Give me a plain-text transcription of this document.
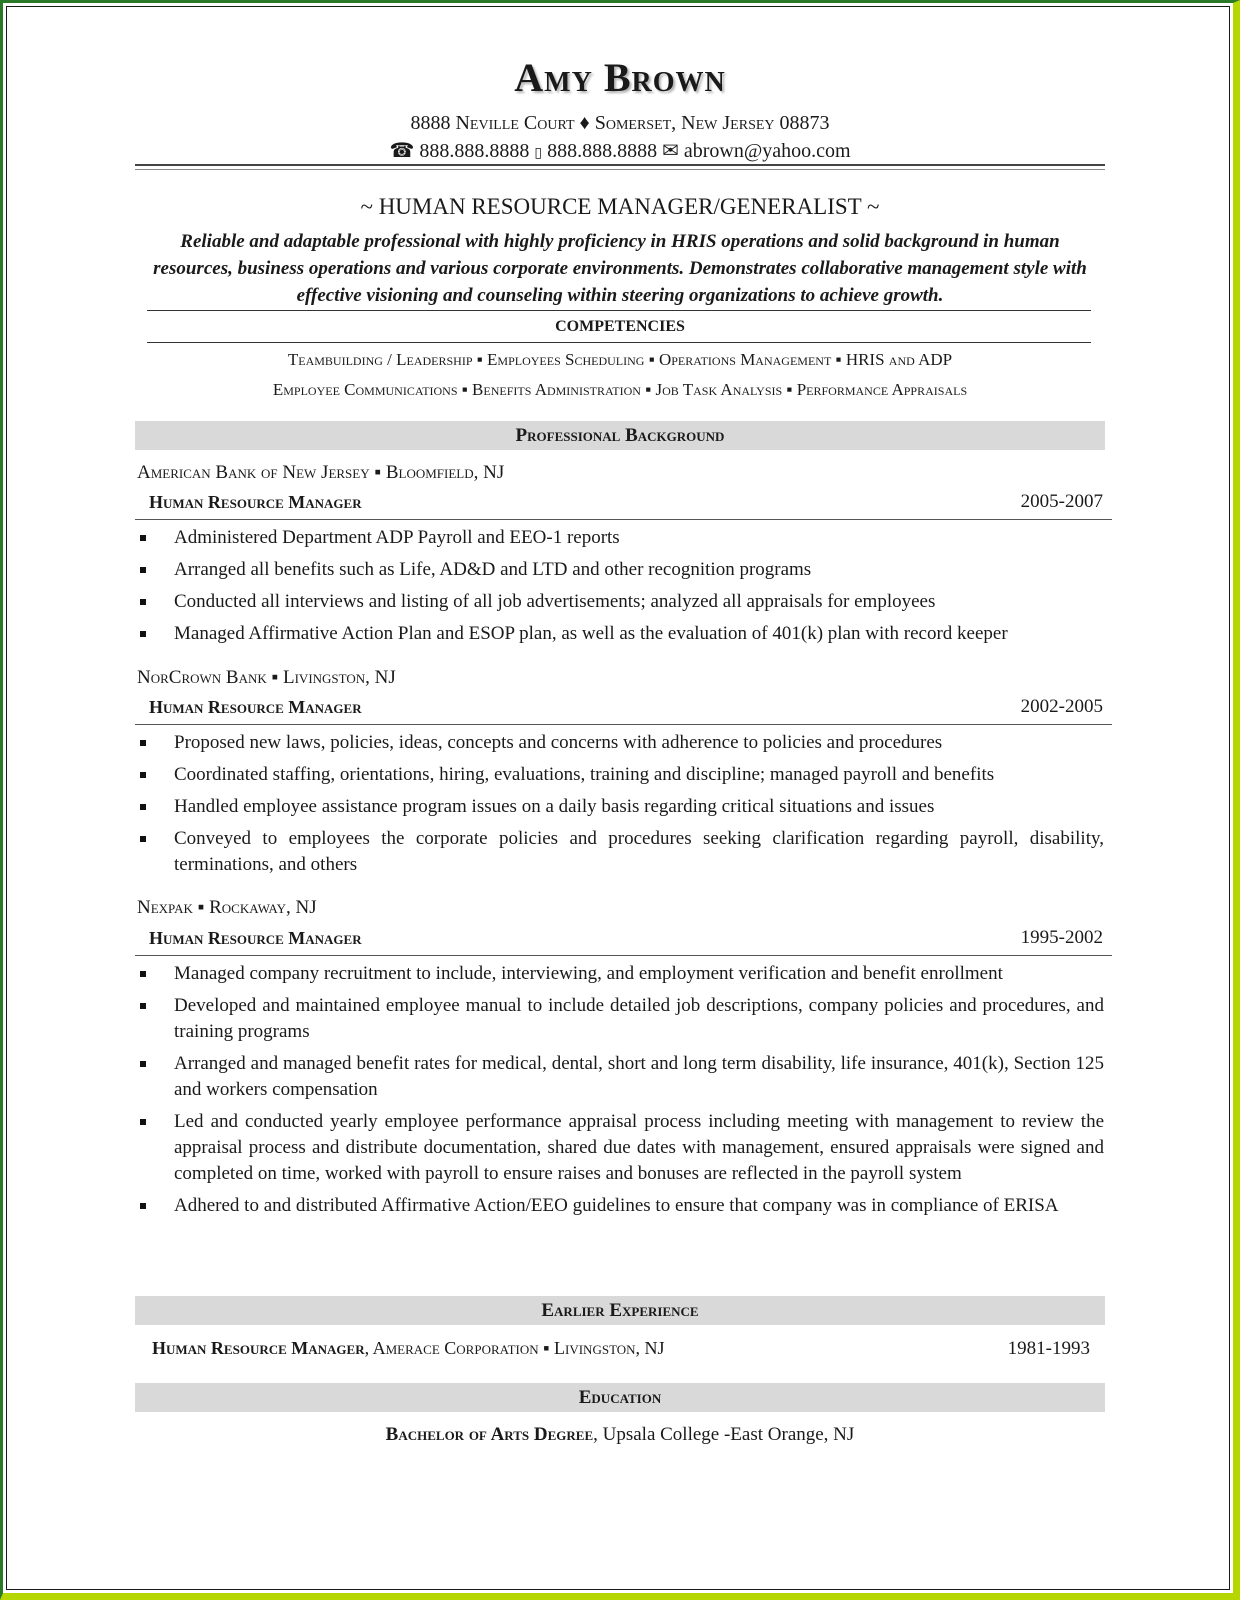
Amy Brown
8888 Neville Court ♦ Somerset, New Jersey 08873
☎ 888.888.8888 ▯ 888.888.8888 ✉ abrown@yahoo.com
~ HUMAN RESOURCE MANAGER/GENERALIST ~
Reliable and adaptable professional with highly proficiency in HRIS operations and solid background in human resources, business operations and various corporate environments. Demonstrates collaborative management style with effective visioning and counseling within steering organizations to achieve growth.
COMPETENCIES
Teambuilding / Leadership ▪ Employees Scheduling ▪ Operations Management ▪ HRIS and ADP
Employee Communications ▪ Benefits Administration ▪ Job Task Analysis ▪ Performance Appraisals
Professional Background
American Bank of New Jersey ▪ Bloomfield, NJ
Human Resource Manager	2005-2007
Administered Department ADP Payroll and EEO-1 reports
Arranged all benefits such as Life, AD&D and LTD and other recognition programs
Conducted all interviews and listing of all job advertisements; analyzed all appraisals for employees
Managed Affirmative Action Plan and ESOP plan, as well as the evaluation of 401(k) plan with record keeper
NorCrown Bank ▪ Livingston, NJ
Human Resource Manager	2002-2005
Proposed new laws, policies, ideas, concepts and concerns with adherence to policies and procedures
Coordinated staffing, orientations, hiring, evaluations, training and discipline; managed payroll and benefits
Handled employee assistance program issues on a daily basis regarding critical situations and issues
Conveyed to employees the corporate policies and procedures seeking clarification regarding payroll, disability, terminations, and others
Nexpak ▪ Rockaway, NJ
Human Resource Manager	1995-2002
Managed company recruitment to include, interviewing, and employment verification and benefit enrollment
Developed and maintained employee manual to include detailed job descriptions, company policies and procedures, and training programs
Arranged and managed benefit rates for medical, dental, short and long term disability, life insurance, 401(k), Section 125 and workers compensation
Led and conducted yearly employee performance appraisal process including meeting with management to review the appraisal process and distribute documentation, shared due dates with management, ensured appraisals were signed and completed on time, worked with payroll to ensure raises and bonuses are reflected in the payroll system
Adhered to and distributed Affirmative Action/EEO guidelines to ensure that company was in compliance of ERISA
Earlier Experience
Human Resource Manager, Amerace Corporation ▪ Livingston, NJ	1981-1993
Education
Bachelor of Arts Degree, Upsala College -East Orange, NJ
